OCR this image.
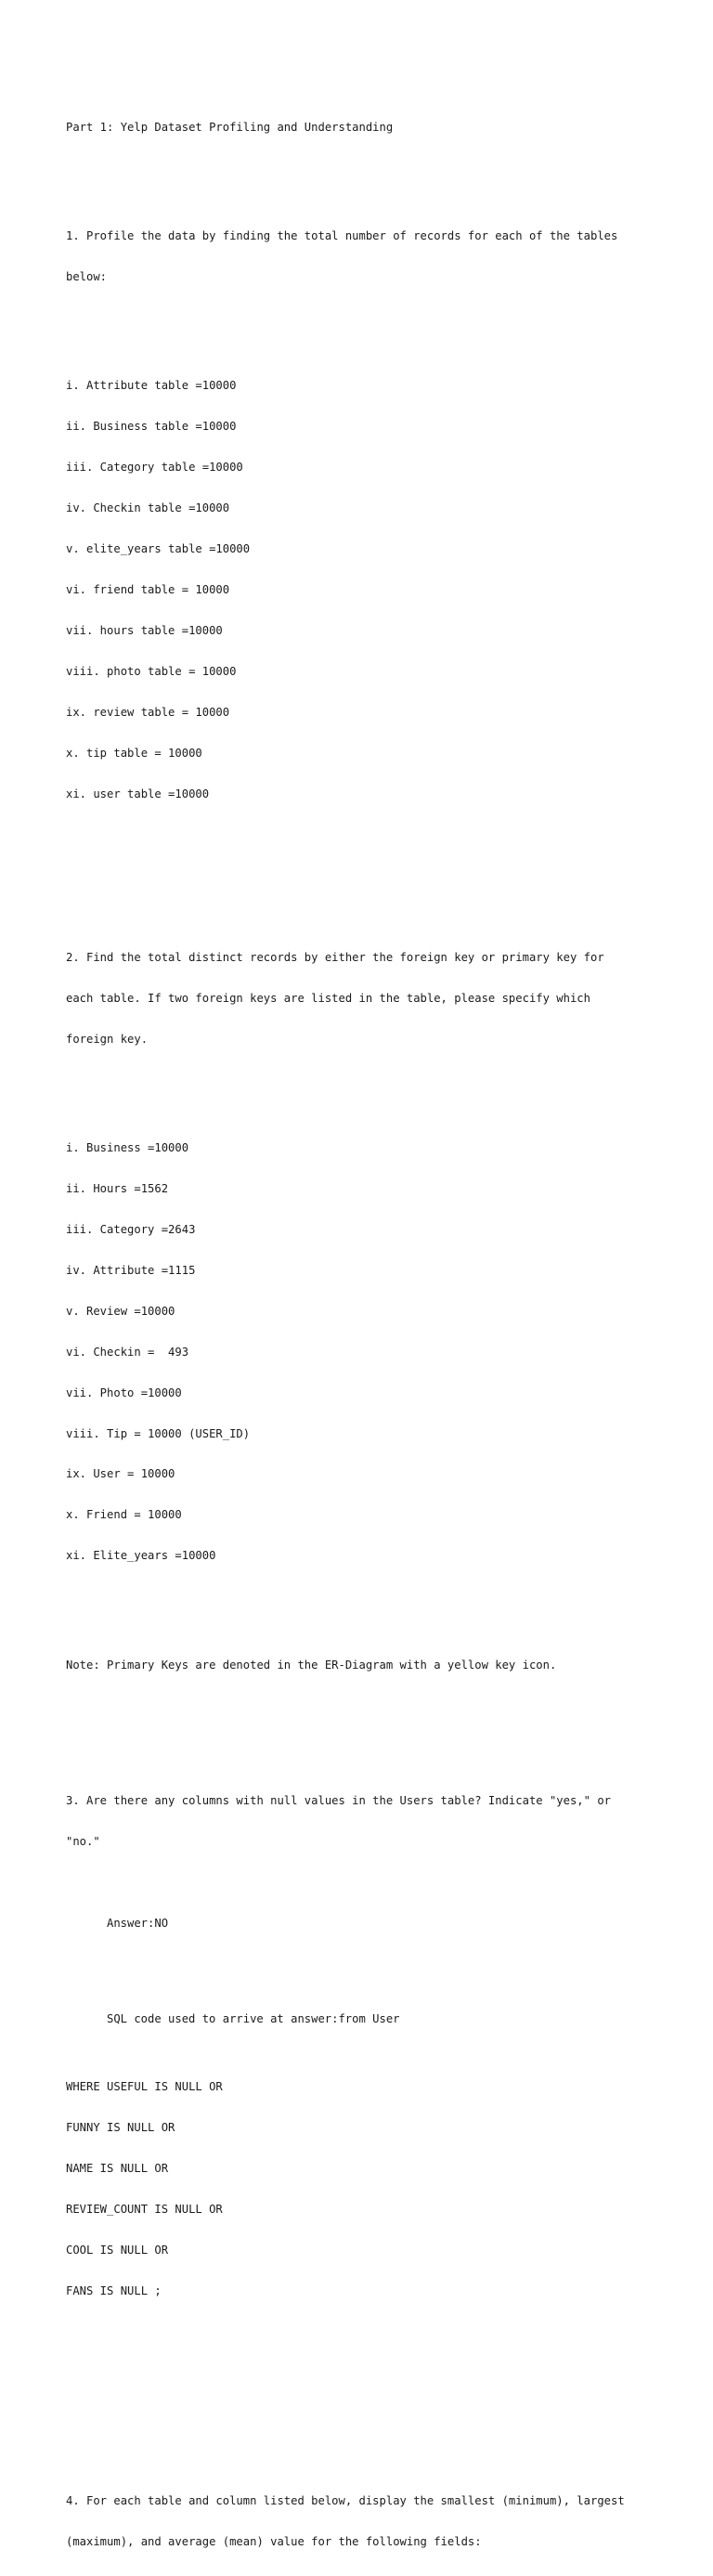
Part 1: Yelp Dataset Profiling and Understanding

1. Profile the data by finding the total number of records for each of the tables

below:

i. Attribute table =10000

ii. Business table =10000

iii. Category table =10000

iv. Checkin table =10000

v. elite_years table =10000

vi. friend table = 10000

vii. hours table =10000

viii. photo table = 10000

ix. review table = 10000

x. tip table = 10000

xi. user table =10000

2. Find the total distinct records by either the foreign key or primary key for

each table. If two foreign keys are listed in the table, please specify which

foreign key.

i. Business =10000

ii. Hours =1562

iii. Category =2643

iv. Attribute =1115

v. Review =10000

vi. Checkin =  493

vii. Photo =10000

viii. Tip = 10000 (USER_ID)

ix. User = 10000

x. Friend = 10000

xi. Elite_years =10000

Note: Primary Keys are denoted in the ER-Diagram with a yellow key icon.

3. Are there any columns with null values in the Users table? Indicate "yes," or

"no."

Answer:NO

SQL code used to arrive at answer:from User

WHERE USEFUL IS NULL OR

FUNNY IS NULL OR

NAME IS NULL OR

REVIEW_COUNT IS NULL OR

COOL IS NULL OR

FANS IS NULL ;

4. For each table and column listed below, display the smallest (minimum), largest

(maximum), and average (mean) value for the following fields:
